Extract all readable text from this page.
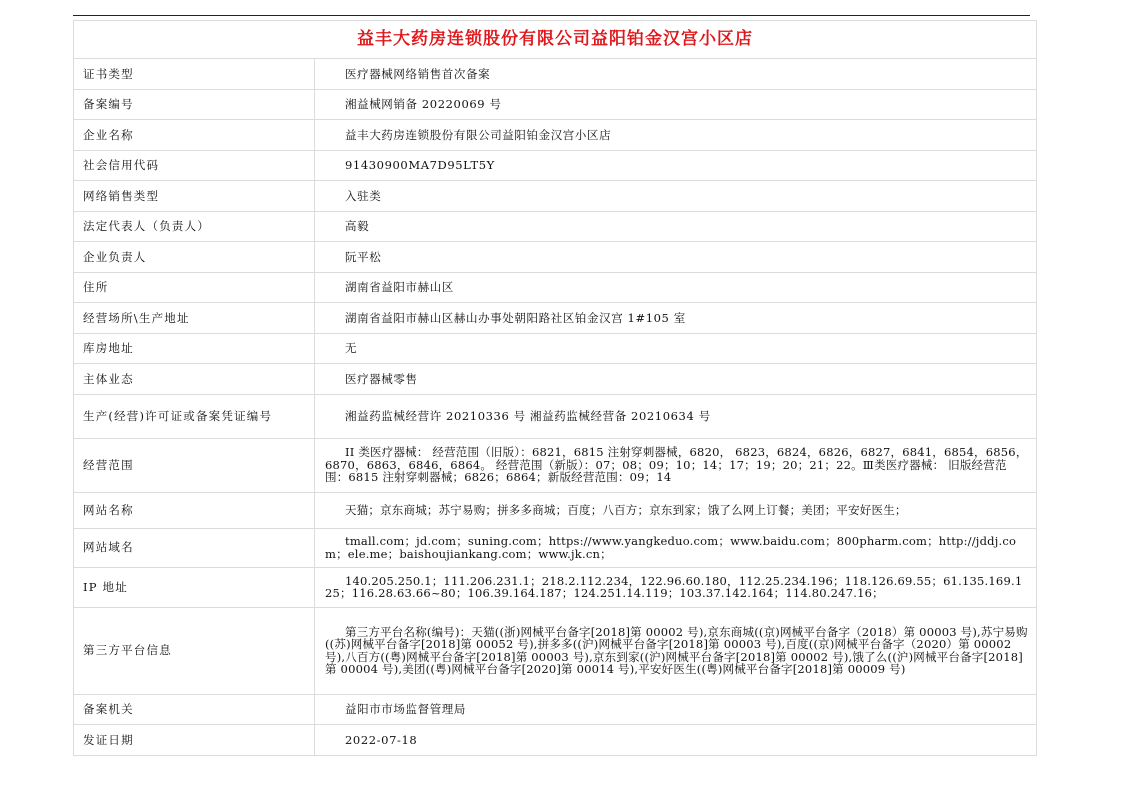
益丰大药房连锁股份有限公司益阳铂金汉宫小区店	
证书类型	医疗器械网络销售首次备案
备案编号	湘益械网销备 20220069 号
企业名称	益丰大药房连锁股份有限公司益阳铂金汉宫小区店
社会信用代码	91430900MA7D95LT5Y
网络销售类型	入驻类
法定代表人（负责人）	高毅
企业负责人	阮平松
住所	湖南省益阳市赫山区
经营场所\生产地址	湖南省益阳市赫山区赫山办事处朝阳路社区铂金汉宫 1#105 室
库房地址	无
主体业态	医疗器械零售
生产(经营)许可证或备案凭证编号	湘益药监械经营许 20210336 号 湘益药监械经营备 20210634 号
经营范围	II 类医疗器械： 经营范围（旧版）：6821，6815 注射穿刺器械，6820， 6823，6824，6826，6827，6841，6854，6856，6870，6863，6846，6864。 经营范围（新版）：07；08；09；10；14；17；19；20；21；22。Ⅲ类医疗器械： 旧版经营范围：6815 注射穿刺器械；6826；6864；新版经营范围：09；14
网站名称	天猫；京东商城；苏宁易购；拼多多商城；百度；八百方；京东到家；饿了么网上订餐；美团；平安好医生；
网站域名	tmall.com；jd.com；suning.com；https://www.yangkeduo.com；www.baidu.com；800pharm.com；http://jddj.com；ele.me；baishoujiankang.com；www.jk.cn；
IP 地址	140.205.250.1；111.206.231.1；218.2.112.234，122.96.60.180，112.25.234.196；118.126.69.55；61.135.169.125；116.28.63.66~80；106.39.164.187；124.251.14.119；103.37.142.164；114.80.247.16；
第三方平台信息	第三方平台名称(编号)：天猫((浙)网械平台备字[2018]第 00002 号),京东商城((京)网械平台备字（2018）第 00003 号),苏宁易购((苏)网械平台备字[2018]第 00052 号),拼多多((沪)网械平台备字[2018]第 00003 号),百度((京)网械平台备字（2020）第 00002 号),八百方((粤)网械平台备字[2018]第 00003 号),京东到家((沪)网械平台备字[2018]第 00002 号),饿了么((沪)网械平台备字[2018]第 00004 号),美团((粤)网械平台备字[2020]第 00014 号),平安好医生((粤)网械平台备字[2018]第 00009 号)
备案机关	益阳市市场监督管理局
发证日期	2022-07-18
